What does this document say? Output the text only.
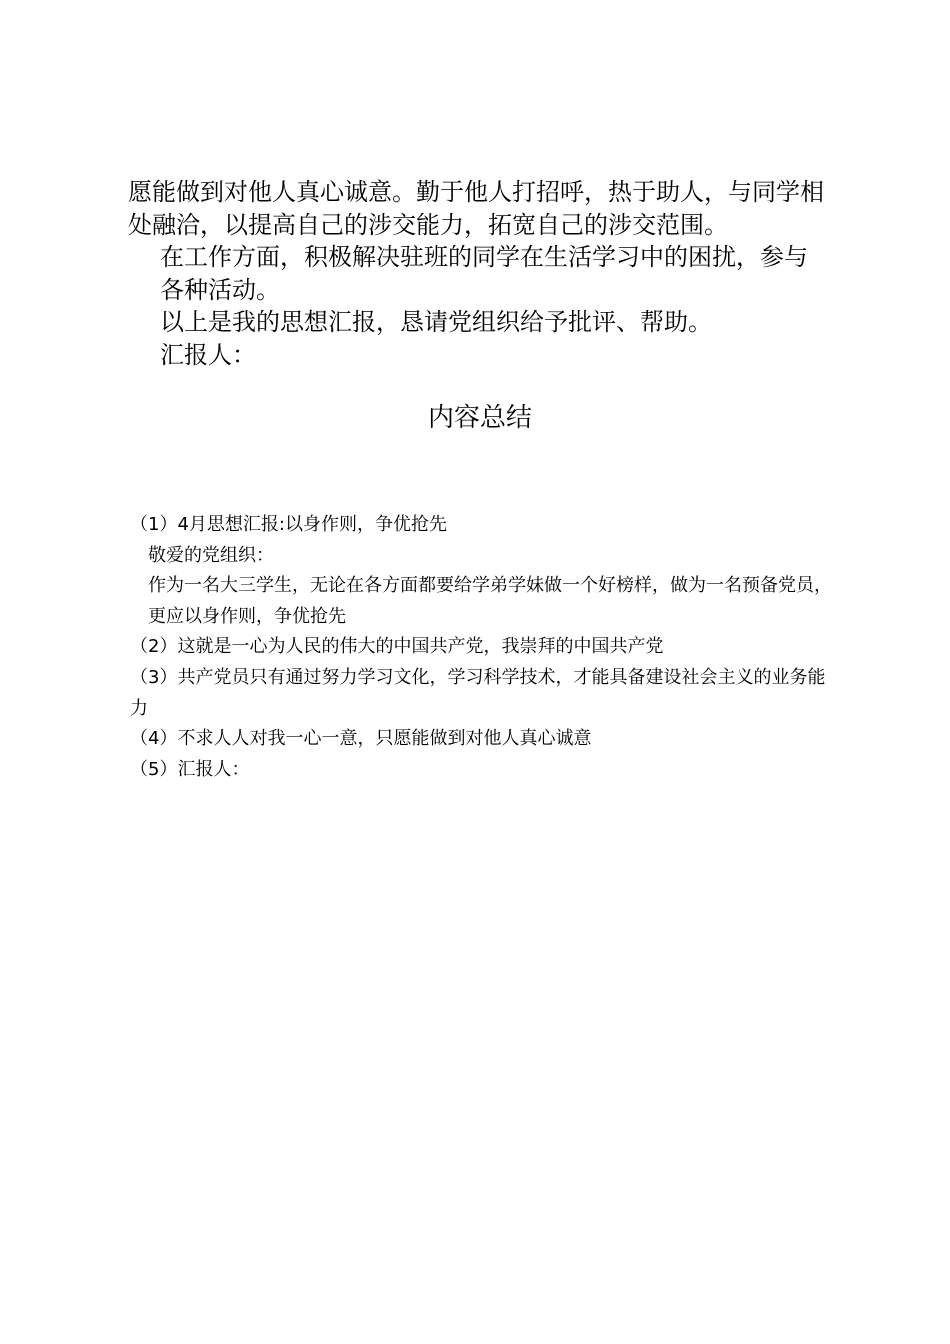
愿能做到对他人真心诚意。勤于他人打招呼，热于助人，与同学相处融洽，以提高自己的涉交能力，拓宽自己的涉交范围。

在工作方面，积极解决驻班的同学在生活学习中的困扰，参与各种活动。

以上是我的思想汇报，恳请党组织给予批评、帮助。

汇报人：

内容总结

（1）4月思想汇报:以身作则，争优抢先

敬爱的党组织：

作为一名大三学生，无论在各方面都要给学弟学妹做一个好榜样，做为一名预备党员，更应以身作则，争优抢先

（2）这就是一心为人民的伟大的中国共产党，我崇拜的中国共产党

（3）共产党员只有通过努力学习文化，学习科学技术，才能具备建设社会主义的业务能力

（4）不求人人对我一心一意，只愿能做到对他人真心诚意

（5）汇报人：
